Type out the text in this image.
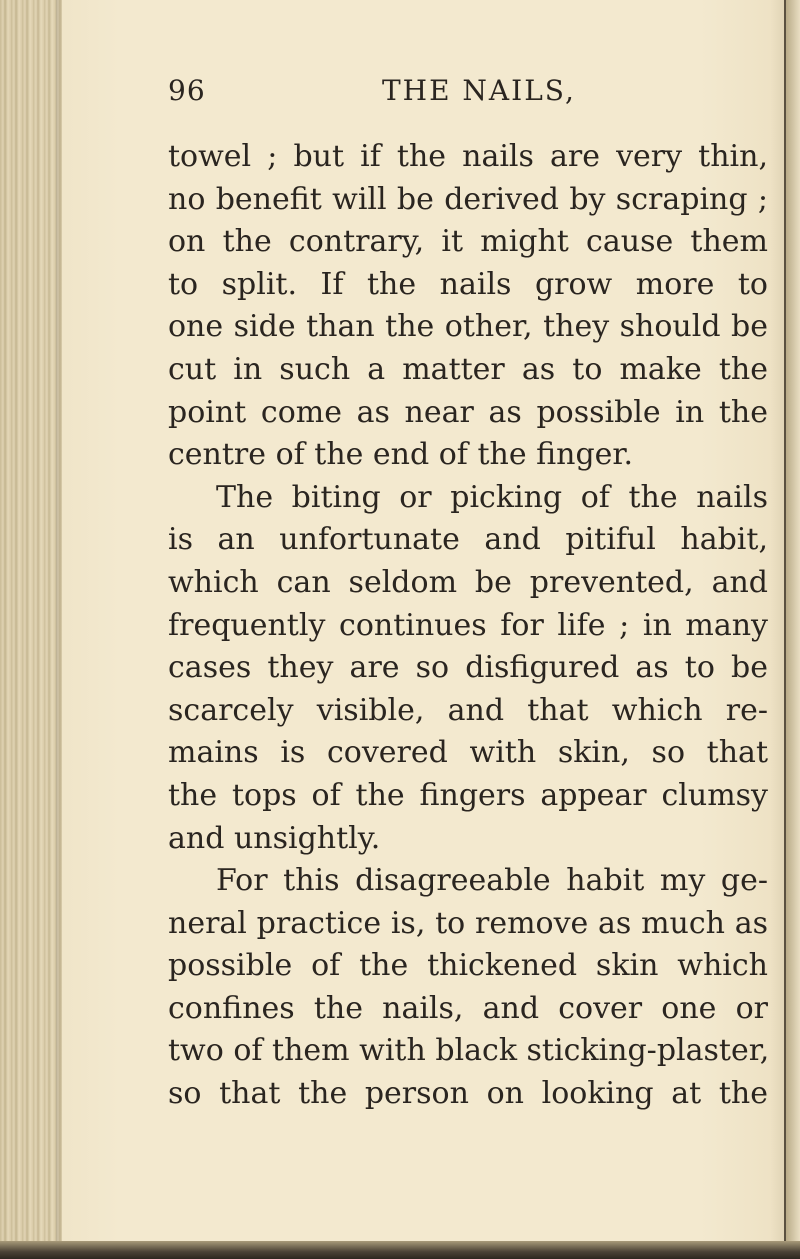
96	THE NAILS,
towel ; but if the nails are very thin,
no benefit will be derived by scraping ;
on the contrary, it might cause them
to split. If the nails grow more to
one side than the other, they should be
cut in such a matter as to make the
point come as near as possible in the
centre of the end of the finger.
The biting or picking of the nails
is an unfortunate and pitiful habit,
which can seldom be prevented, and
frequently continues for life ; in many
cases they are so disfigured as to be
scarcely visible, and that which re-
mains is covered with skin, so that
the tops of the fingers appear clumsy
and unsightly.
For this disagreeable habit my ge-
neral practice is, to remove as much as
possible of the thickened skin which
confines the nails, and cover one or
two of them with black sticking-plaster,
so that the person on looking at the
